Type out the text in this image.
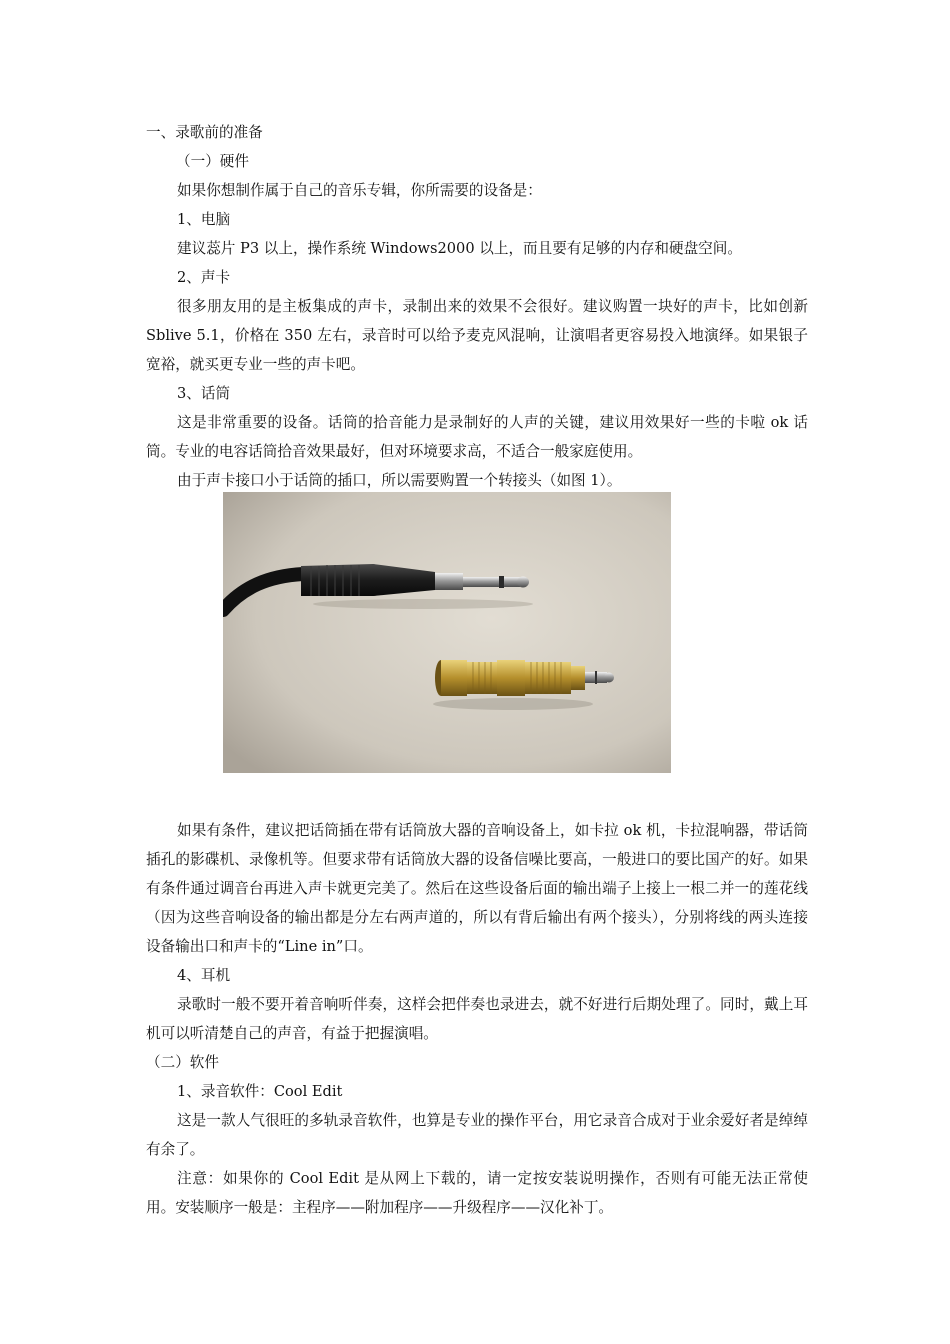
一、录歌前的准备

（一）硬件

如果你想制作属于自己的音乐专辑，你所需要的设备是：

1、电脑

建议蕊片 P3 以上，操作系统 Windows2000 以上，而且要有足够的内存和硬盘空间。

2、声卡

很多朋友用的是主板集成的声卡，录制出来的效果不会很好。建议购置一块好的声卡，比如创新 Sblive 5.1，价格在 350 左右，录音时可以给予麦克风混响，让演唱者更容易投入地演绎。如果银子宽裕，就买更专业一些的声卡吧。

3、话筒

这是非常重要的设备。话筒的拾音能力是录制好的人声的关键，建议用效果好一些的卡啦 ok 话筒。专业的电容话筒拾音效果最好，但对环境要求高，不适合一般家庭使用。

由于声卡接口小于话筒的插口，所以需要购置一个转接头（如图 1）。

如果有条件，建议把话筒插在带有话筒放大器的音响设备上，如卡拉 ok 机，卡拉混响器，带话筒插孔的影碟机、录像机等。但要求带有话筒放大器的设备信噪比要高，一般进口的要比国产的好。如果有条件通过调音台再进入声卡就更完美了。然后在这些设备后面的输出端子上接上一根二并一的莲花线（因为这些音响设备的输出都是分左右两声道的，所以有背后输出有两个接头），分别将线的两头连接设备输出口和声卡的“Line in”口。

4、耳机

录歌时一般不要开着音响听伴奏，这样会把伴奏也录进去，就不好进行后期处理了。同时，戴上耳机可以听清楚自己的声音，有益于把握演唱。

（二）软件

1、录音软件：Cool Edit

这是一款人气很旺的多轨录音软件，也算是专业的操作平台，用它录音合成对于业余爱好者是绰绰有余了。

注意：如果你的 Cool Edit 是从网上下载的，请一定按安装说明操作，否则有可能无法正常使用。安装顺序一般是：主程序——附加程序——升级程序——汉化补丁。
